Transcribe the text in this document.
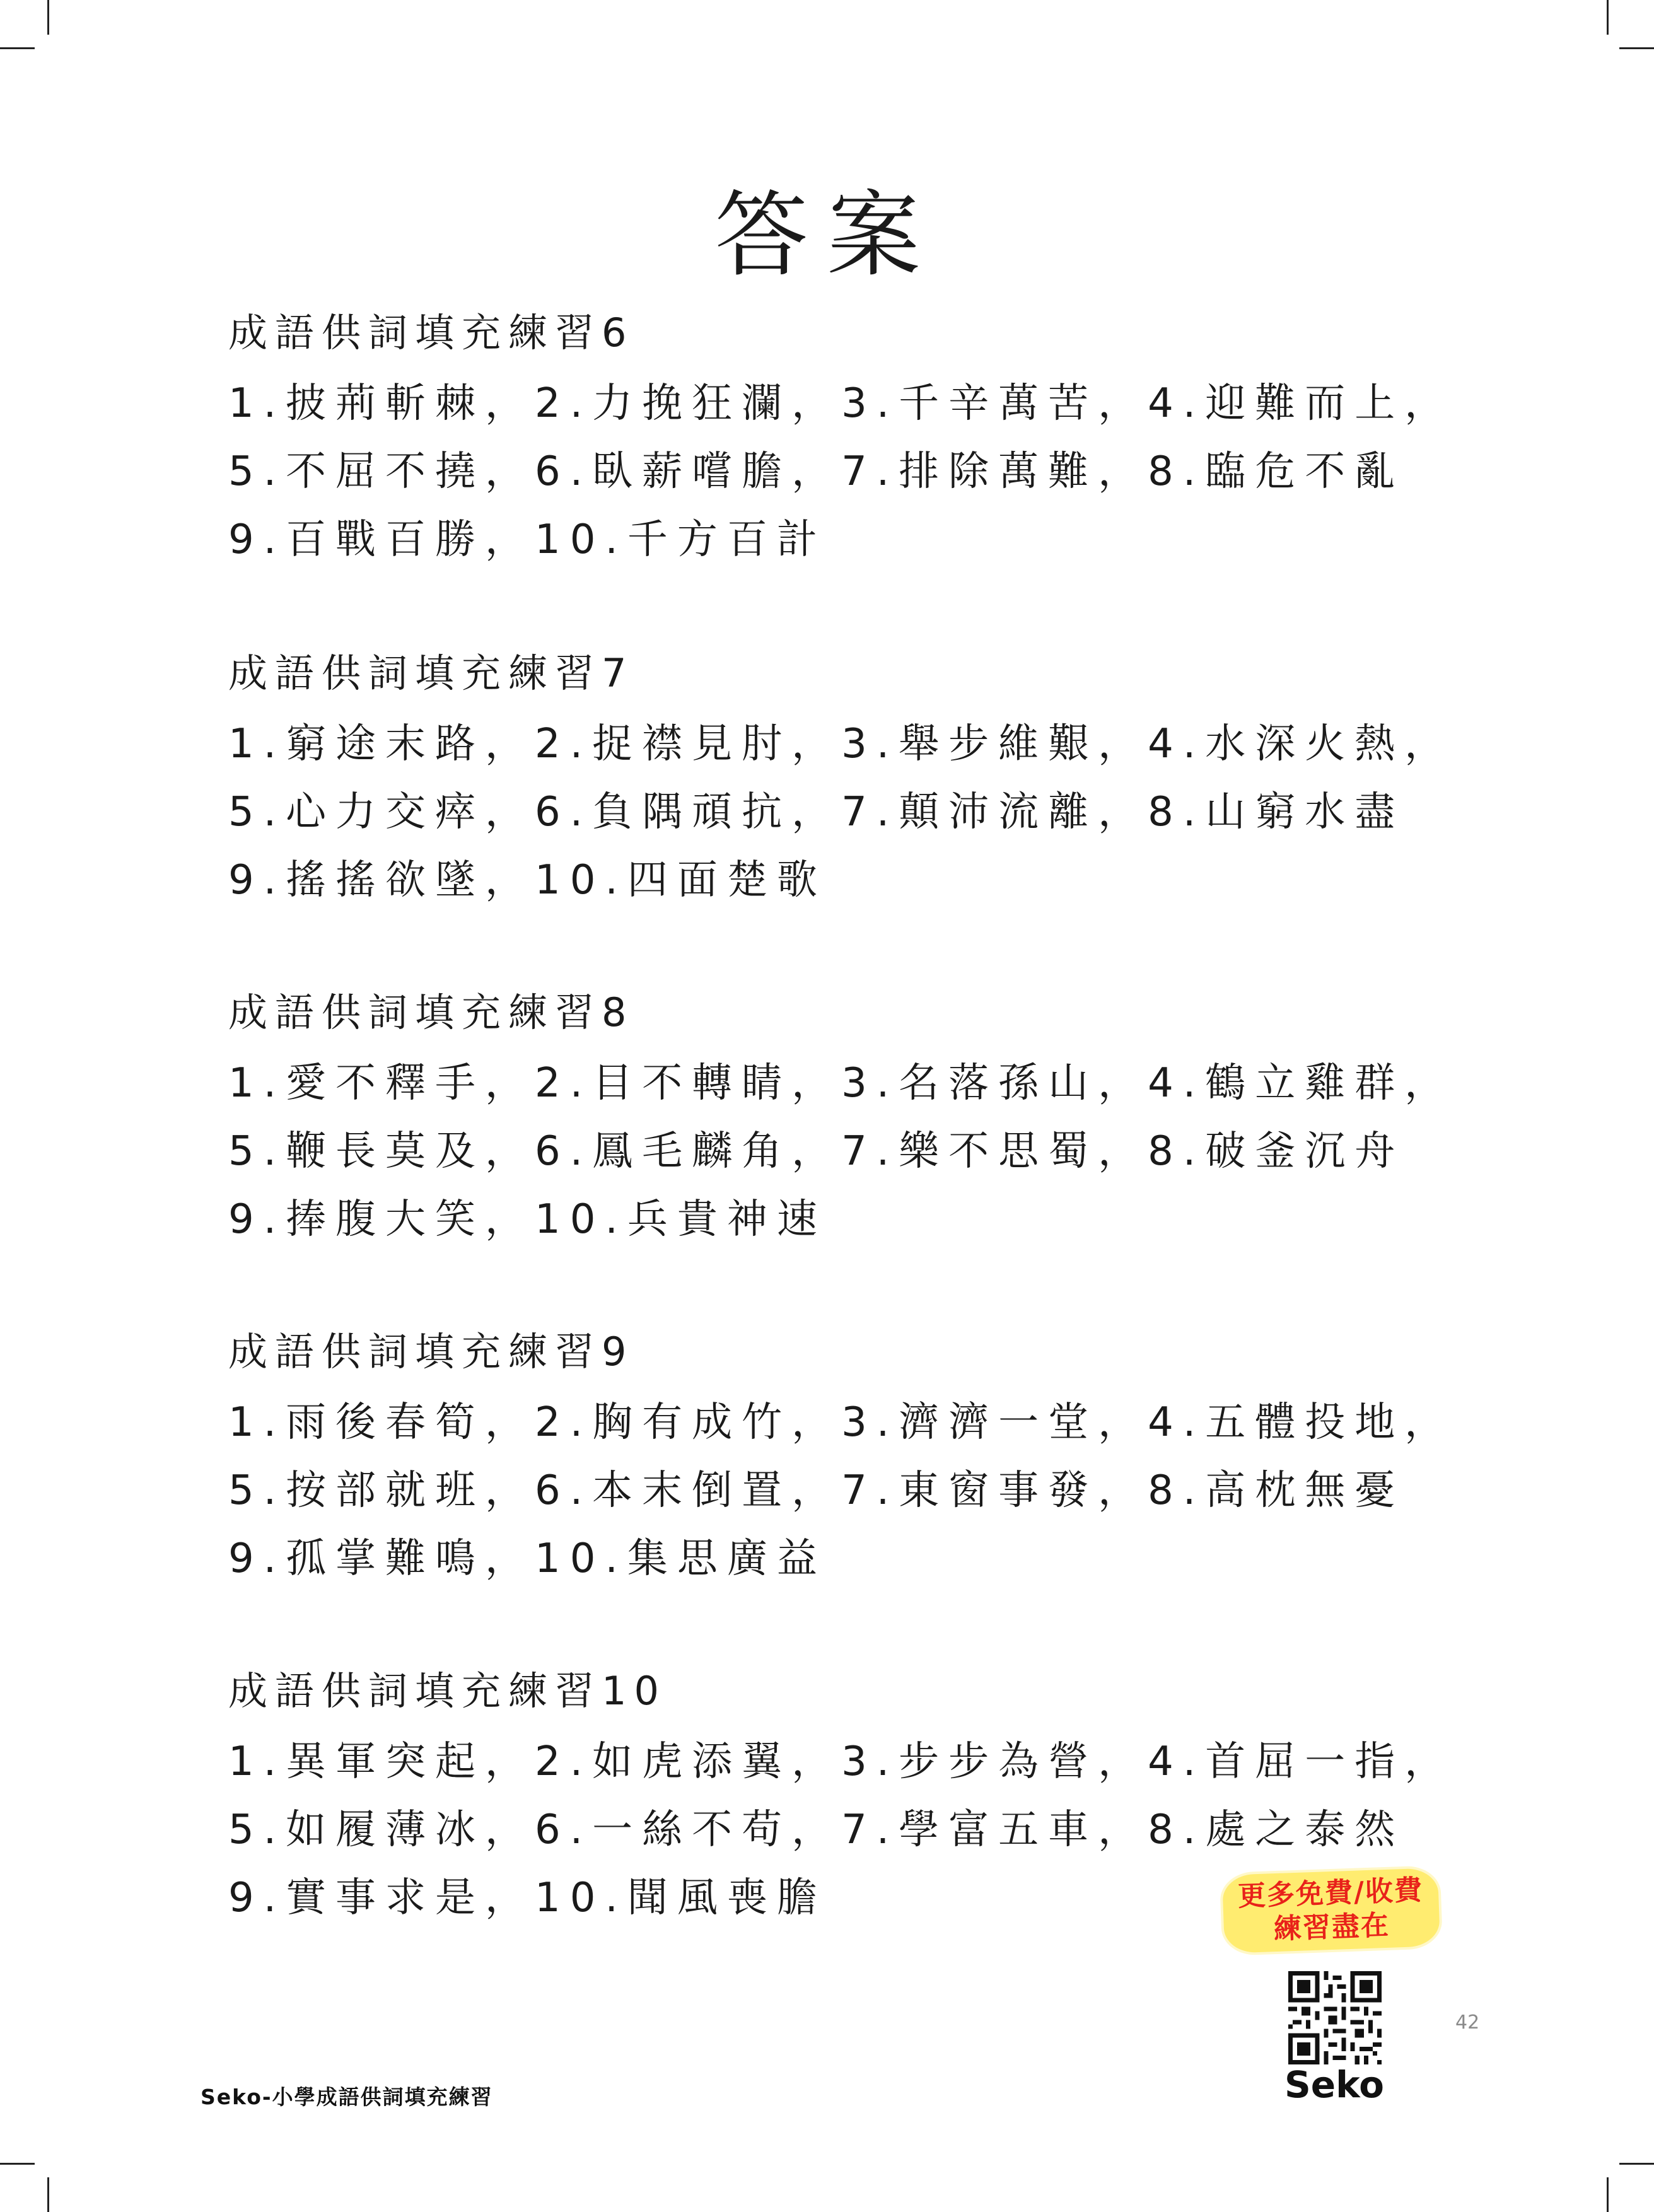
答案
成語供詞填充練習6
1.披荊斬棘，2.力挽狂瀾，3.千辛萬苦，4.迎難而上，
5.不屈不撓，6.臥薪嚐膽，7.排除萬難，8.臨危不亂
9.百戰百勝，10.千方百計
成語供詞填充練習7
1.窮途末路，2.捉襟見肘，3.舉步維艱，4.水深火熱，
5.心力交瘁，6.負隅頑抗，7.顛沛流離，8.山窮水盡
9.搖搖欲墜，10.四面楚歌
成語供詞填充練習8
1.愛不釋手，2.目不轉睛，3.名落孫山，4.鶴立雞群，
5.鞭長莫及，6.鳳毛麟角，7.樂不思蜀，8.破釜沉舟
9.捧腹大笑，10.兵貴神速
成語供詞填充練習9
1.雨後春筍，2.胸有成竹，3.濟濟一堂，4.五體投地，
5.按部就班，6.本末倒置，7.東窗事發，8.高枕無憂
9.孤掌難鳴，10.集思廣益
成語供詞填充練習10
1.異軍突起，2.如虎添翼，3.步步為營，4.首屈一指，
5.如履薄冰，6.一絲不苟，7.學富五車，8.處之泰然
9.實事求是，10.聞風喪膽	更多免費/收費
練習盡在
Seko
42
Seko-小學成語供詞填充練習
